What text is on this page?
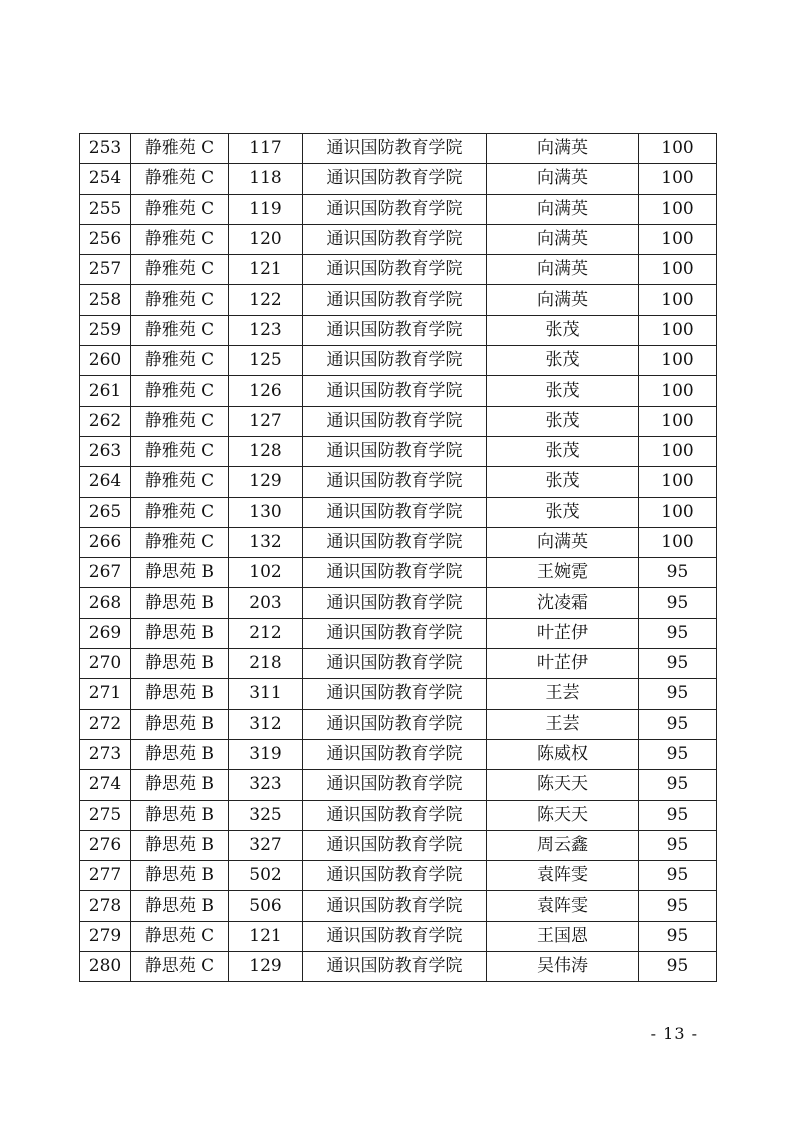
253	静雅苑 C	117	通识国防教育学院	向满英	100
254	静雅苑 C	118	通识国防教育学院	向满英	100
255	静雅苑 C	119	通识国防教育学院	向满英	100
256	静雅苑 C	120	通识国防教育学院	向满英	100
257	静雅苑 C	121	通识国防教育学院	向满英	100
258	静雅苑 C	122	通识国防教育学院	向满英	100
259	静雅苑 C	123	通识国防教育学院	张茂	100
260	静雅苑 C	125	通识国防教育学院	张茂	100
261	静雅苑 C	126	通识国防教育学院	张茂	100
262	静雅苑 C	127	通识国防教育学院	张茂	100
263	静雅苑 C	128	通识国防教育学院	张茂	100
264	静雅苑 C	129	通识国防教育学院	张茂	100
265	静雅苑 C	130	通识国防教育学院	张茂	100
266	静雅苑 C	132	通识国防教育学院	向满英	100
267	静思苑 B	102	通识国防教育学院	王婉霓	95
268	静思苑 B	203	通识国防教育学院	沈凌霜	95
269	静思苑 B	212	通识国防教育学院	叶芷伊	95
270	静思苑 B	218	通识国防教育学院	叶芷伊	95
271	静思苑 B	311	通识国防教育学院	王芸	95
272	静思苑 B	312	通识国防教育学院	王芸	95
273	静思苑 B	319	通识国防教育学院	陈威权	95
274	静思苑 B	323	通识国防教育学院	陈天天	95
275	静思苑 B	325	通识国防教育学院	陈天天	95
276	静思苑 B	327	通识国防教育学院	周云鑫	95
277	静思苑 B	502	通识国防教育学院	袁阵雯	95
278	静思苑 B	506	通识国防教育学院	袁阵雯	95
279	静思苑 C	121	通识国防教育学院	王国恩	95
280	静思苑 C	129	通识国防教育学院	吴伟涛	95
- 13 -
